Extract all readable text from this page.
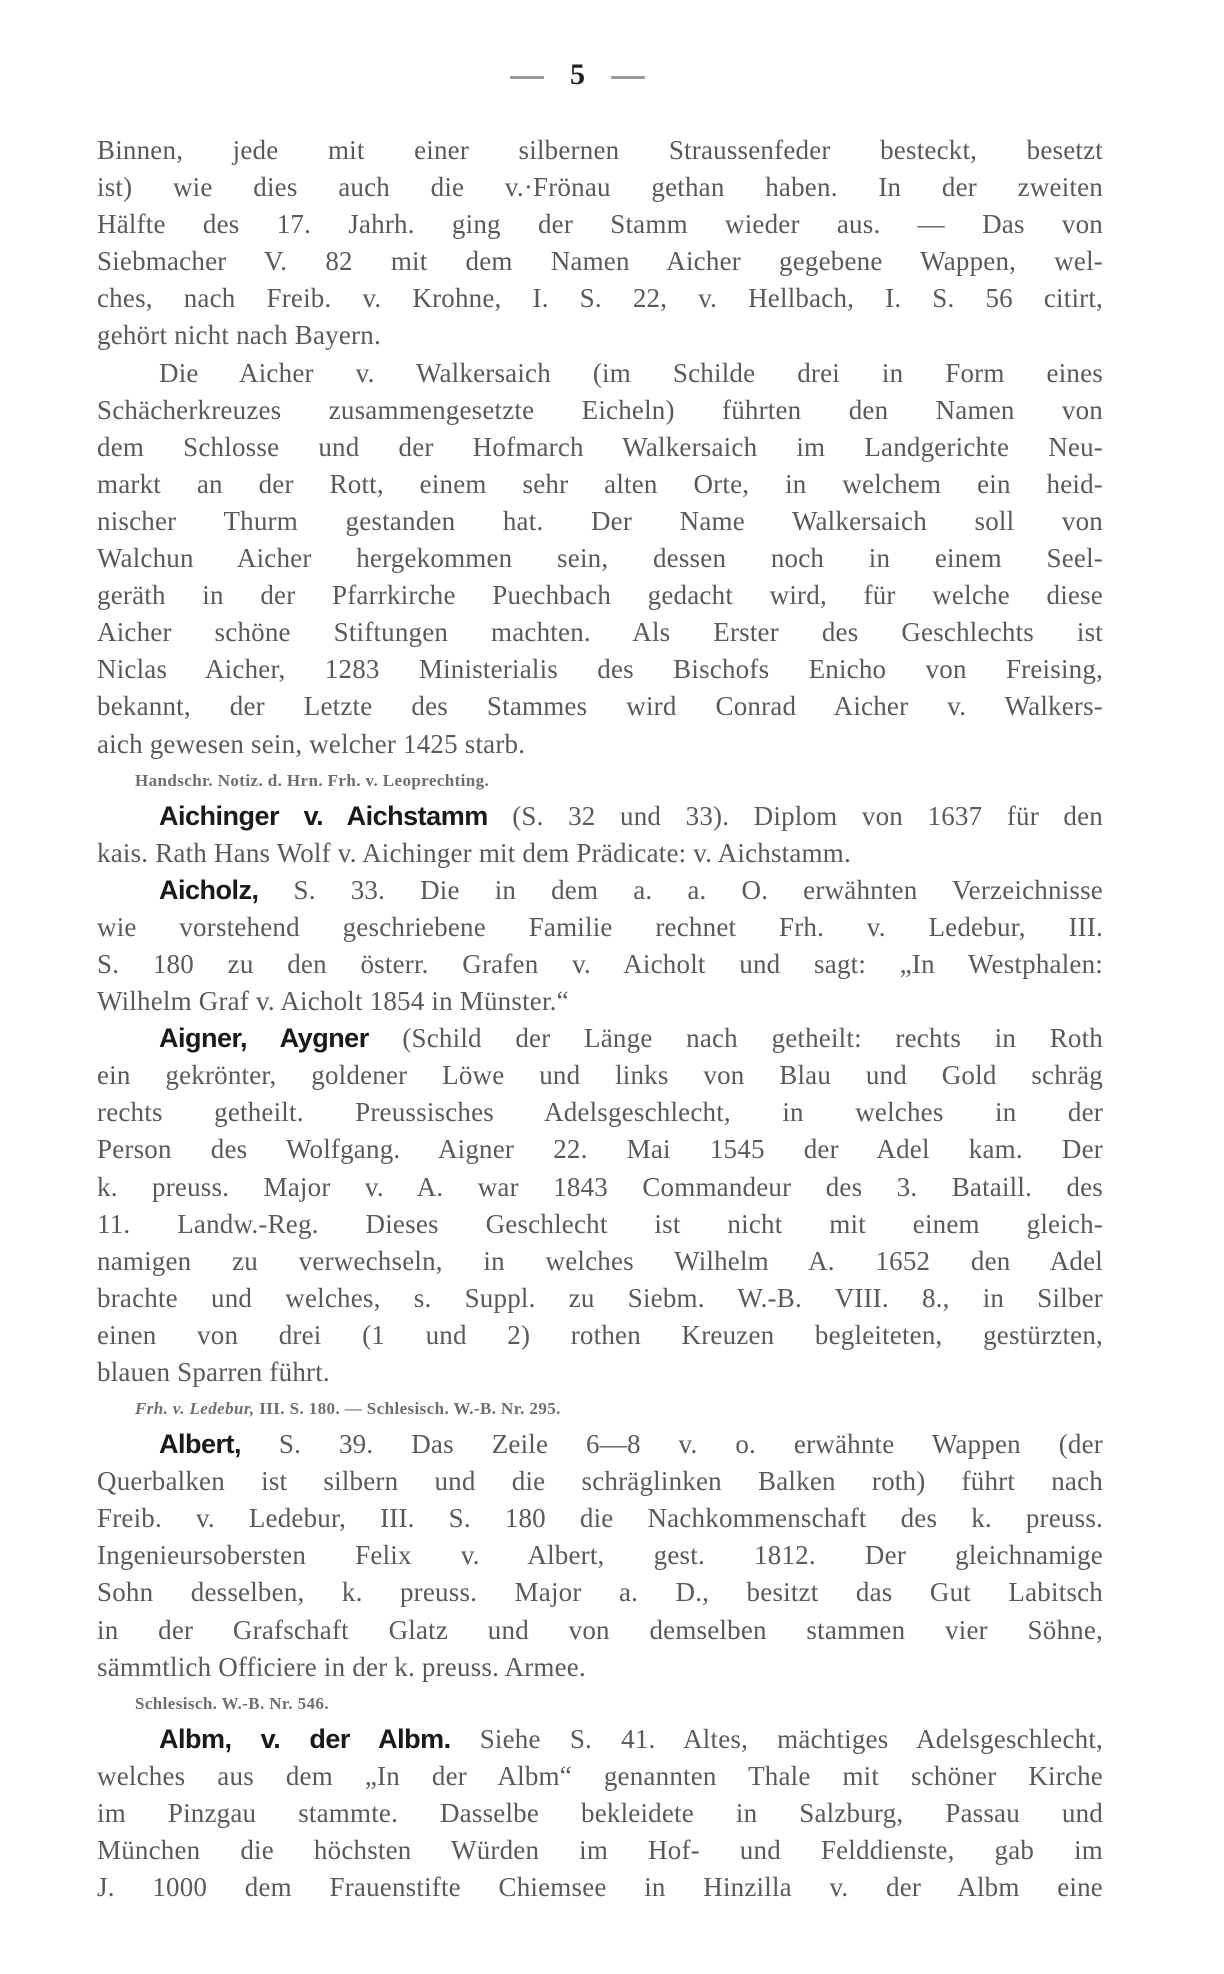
5
Binnen, jede mit einer silbernen Straussenfeder besteckt, besetzt
ist) wie dies auch die v.·Frönau gethan haben. In der zweiten
Hälfte des 17. Jahrh. ging der Stamm wieder aus. — Das von
Siebmacher V. 82 mit dem Namen Aicher gegebene Wappen, wel-
ches, nach Freib. v. Krohne, I. S. 22, v. Hellbach, I. S. 56 citirt,
gehört nicht nach Bayern.
Die Aicher v. Walkersaich (im Schilde drei in Form eines
Schächerkreuzes zusammengesetzte Eicheln) führten den Namen von
dem Schlosse und der Hofmarch Walkersaich im Landgerichte Neu-
markt an der Rott, einem sehr alten Orte, in welchem ein heid-
nischer Thurm gestanden hat. Der Name Walkersaich soll von
Walchun Aicher hergekommen sein, dessen noch in einem Seel-
geräth in der Pfarrkirche Puechbach gedacht wird, für welche diese
Aicher schöne Stiftungen machten. Als Erster des Geschlechts ist
Niclas Aicher, 1283 Ministerialis des Bischofs Enicho von Freising,
bekannt, der Letzte des Stammes wird Conrad Aicher v. Walkers-
aich gewesen sein, welcher 1425 starb.
Handschr. Notiz. d. Hrn. Frh. v. Leoprechting.
Aichinger v. Aichstamm (S. 32 und 33). Diplom von 1637 für den
kais. Rath Hans Wolf v. Aichinger mit dem Prädicate: v. Aichstamm.
Aicholz, S. 33. Die in dem a. a. O. erwähnten Verzeichnisse
wie vorstehend geschriebene Familie rechnet Frh. v. Ledebur, III.
S. 180 zu den österr. Grafen v. Aicholt und sagt: „In Westphalen:
Wilhelm Graf v. Aicholt 1854 in Münster.“
Aigner, Aygner (Schild der Länge nach getheilt: rechts in Roth
ein gekrönter, goldener Löwe und links von Blau und Gold schräg
rechts getheilt. Preussisches Adelsgeschlecht, in welches in der
Person des Wolfgang. Aigner 22. Mai 1545 der Adel kam. Der
k. preuss. Major v. A. war 1843 Commandeur des 3. Bataill. des
11. Landw.-Reg. Dieses Geschlecht ist nicht mit einem gleich-
namigen zu verwechseln, in welches Wilhelm A. 1652 den Adel
brachte und welches, s. Suppl. zu Siebm. W.-B. VIII. 8., in Silber
einen von drei (1 und 2) rothen Kreuzen begleiteten, gestürzten,
blauen Sparren führt.
Frh. v. Ledebur, III. S. 180. — Schlesisch. W.-B. Nr. 295.
Albert, S. 39. Das Zeile 6—8 v. o. erwähnte Wappen (der
Querbalken ist silbern und die schräglinken Balken roth) führt nach
Freib. v. Ledebur, III. S. 180 die Nachkommenschaft des k. preuss.
Ingenieursobersten Felix v. Albert, gest. 1812. Der gleichnamige
Sohn desselben, k. preuss. Major a. D., besitzt das Gut Labitsch
in der Grafschaft Glatz und von demselben stammen vier Söhne,
sämmtlich Officiere in der k. preuss. Armee.
Schlesisch. W.-B. Nr. 546.
Albm, v. der Albm. Siehe S. 41. Altes, mächtiges Adelsgeschlecht,
welches aus dem „In der Albm“ genannten Thale mit schöner Kirche
im Pinzgau stammte. Dasselbe bekleidete in Salzburg, Passau und
München die höchsten Würden im Hof- und Felddienste, gab im
J. 1000 dem Frauenstifte Chiemsee in Hinzilla v. der Albm eine
